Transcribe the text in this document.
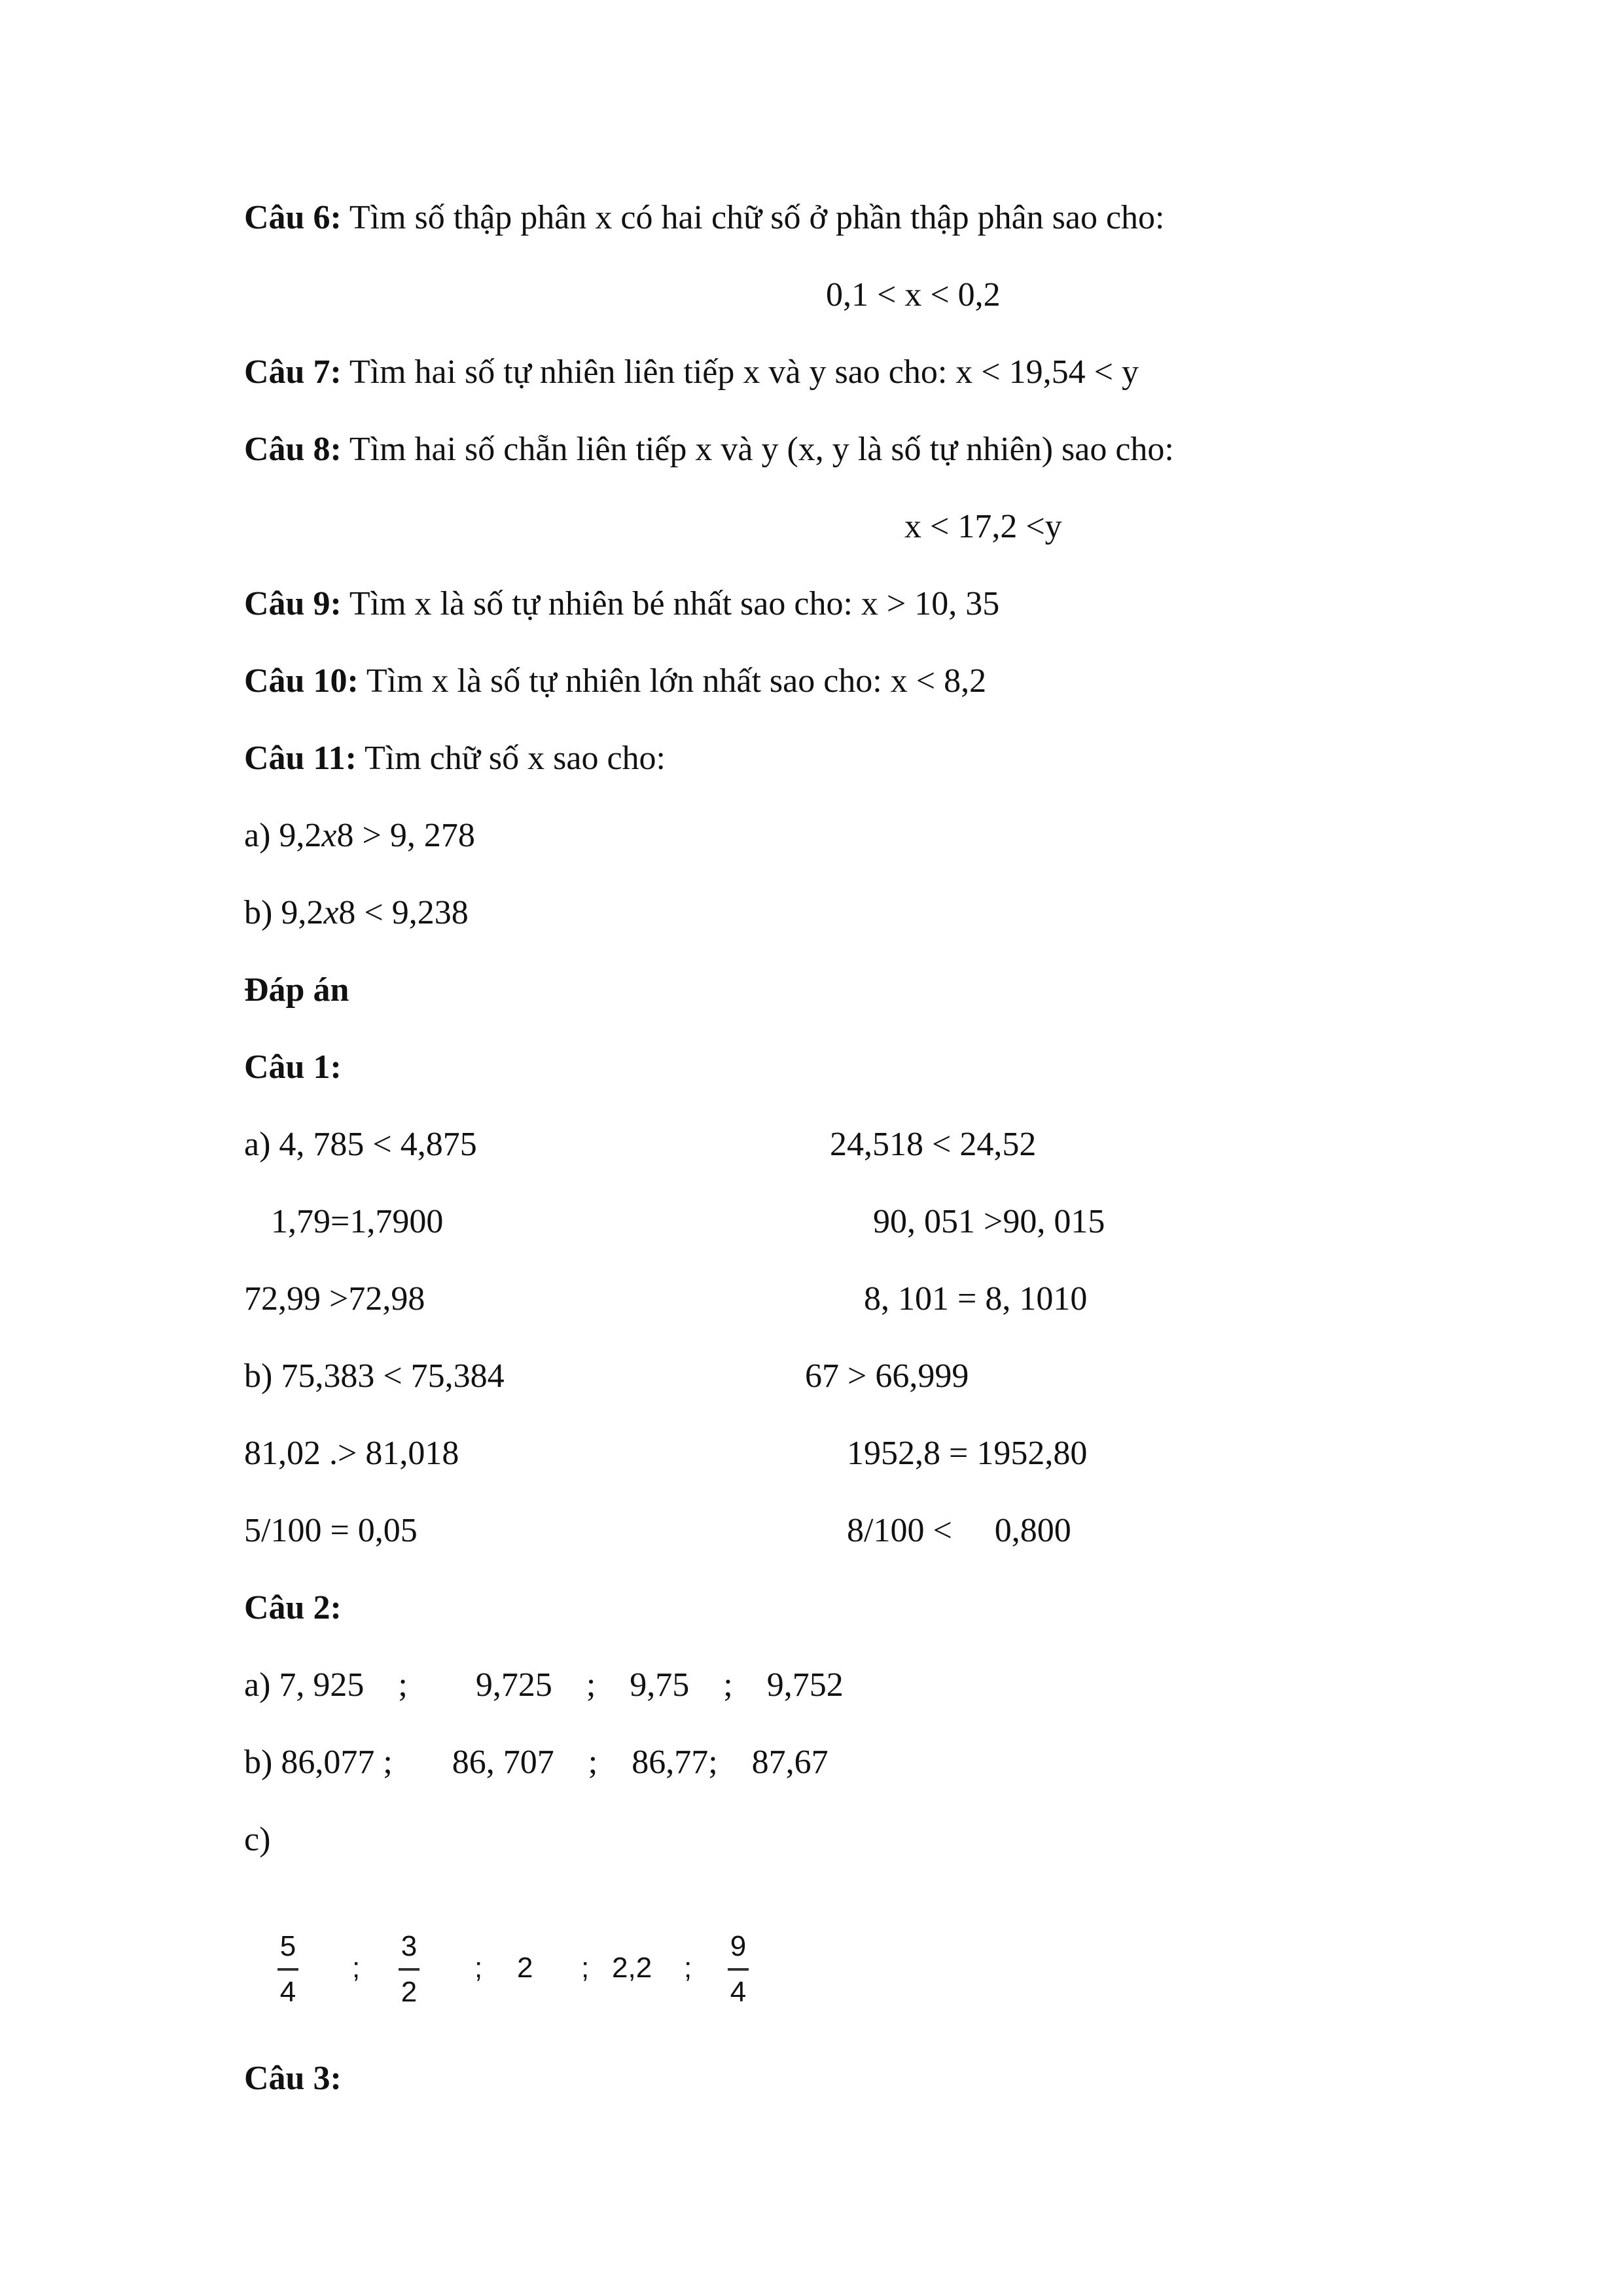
Câu 6: Tìm số thập phân x có hai chữ số ở phần thập phân sao cho:
0,1 < x < 0,2
Câu 7: Tìm hai số tự nhiên liên tiếp x và y sao cho: x < 19,54 < y
Câu 8: Tìm hai số chẵn liên tiếp x và y (x, y là số tự nhiên) sao cho:
x < 17,2 <y
Câu 9: Tìm x là số tự nhiên bé nhất sao cho: x > 10, 35
Câu 10: Tìm x là số tự nhiên lớn nhất sao cho: x < 8,2
Câu 11: Tìm chữ số x sao cho:
a) 9,2x8 > 9, 278
b) 9,2x8 < 9,238
Đáp án
Câu 1:
a) 4, 785 < 4,875	24,518 < 24,52
1,79=1,7900	90, 051 >90, 015
72,99 >72,98	8, 101 = 8, 1010
b) 75,383 < 75,384	67 > 66,999
81,02 .> 81,018	1952,8 = 1952,80
5/100 = 0,05	8/100 <     0,800
Câu 2:
a) 7, 925    ;        9,725    ;    9,75    ;    9,752
b) 86,077 ;       86, 707    ;    86,77;    87,67
c)
5
4
;
3
2
; 2 ; 2,2 ;
9
4
Câu 3:
